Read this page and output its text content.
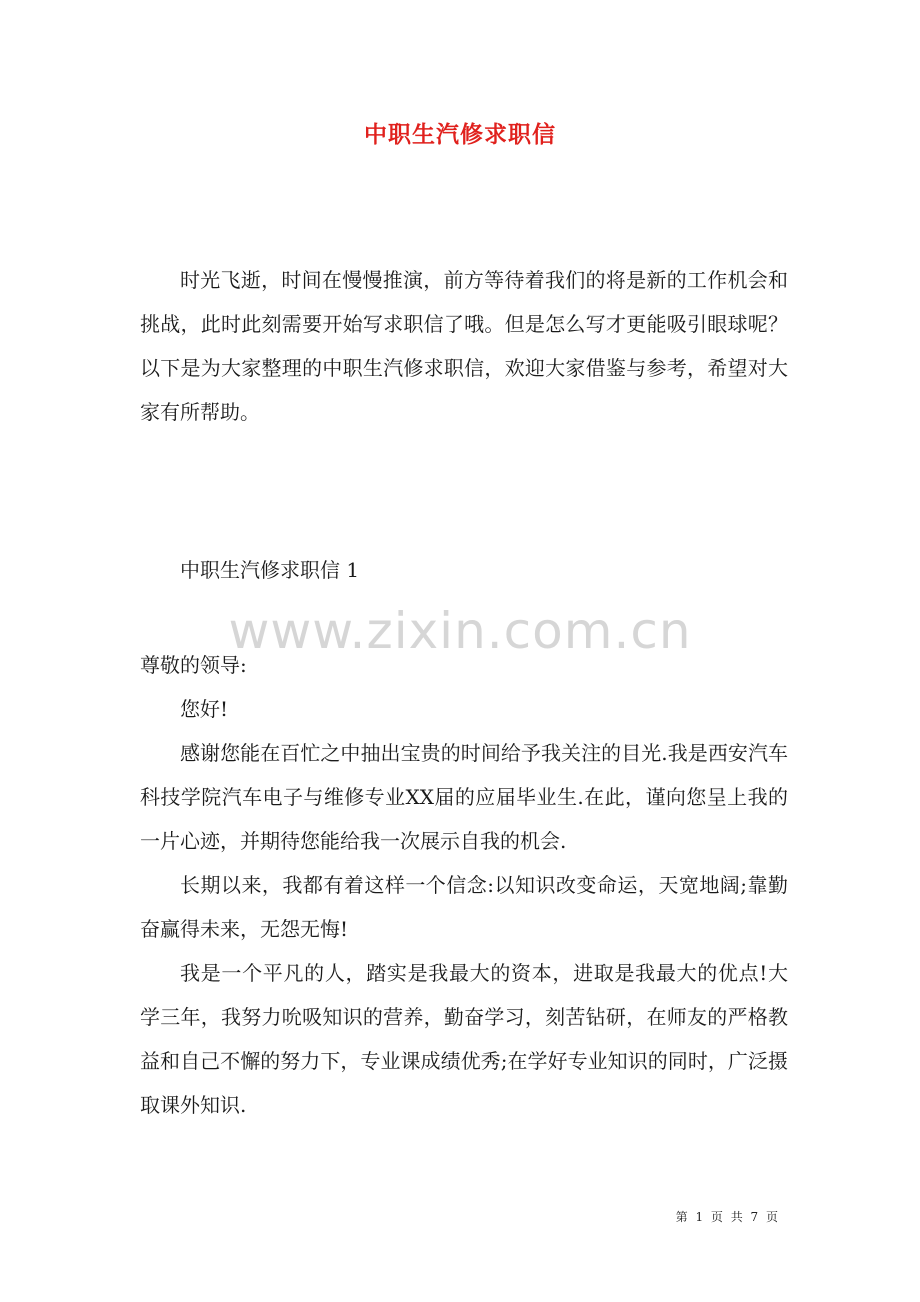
中职生汽修求职信

时光飞逝，时间在慢慢推演，前方等待着我们的将是新的工作机会和挑战，此时此刻需要开始写求职信了哦。但是怎么写才更能吸引眼球呢？以下是为大家整理的中职生汽修求职信，欢迎大家借鉴与参考，希望对大家有所帮助。

中职生汽修求职信 1

www.zixin.com.cn

尊敬的领导:

您好!

感谢您能在百忙之中抽出宝贵的时间给予我关注的目光.我是西安汽车科技学院汽车电子与维修专业XX届的应届毕业生.在此，谨向您呈上我的一片心迹，并期待您能给我一次展示自我的机会.

长期以来，我都有着这样一个信念:以知识改变命运，天宽地阔;靠勤奋赢得未来，无怨无悔!

我是一个平凡的人，踏实是我最大的资本，进取是我最大的优点!大学三年，我努力吮吸知识的营养，勤奋学习，刻苦钻研，在师友的严格教益和自己不懈的努力下，专业课成绩优秀;在学好专业知识的同时，广泛摄取课外知识.

第 1 页 共 7 页
